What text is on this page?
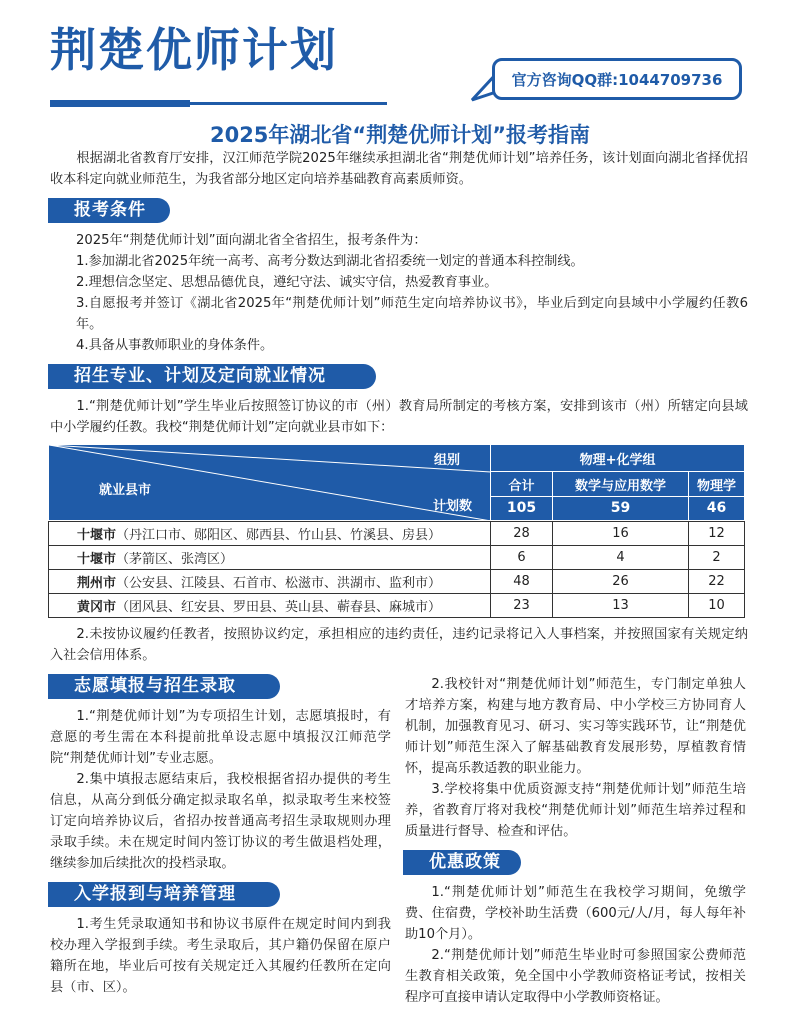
荆楚优师计划
官方咨询QQ群:1044709736
2025年湖北省“荆楚优师计划”报考指南
根据湖北省教育厅安排，汉江师范学院2025年继续承担湖北省“荆楚优师计划”培养任务，该计划面向湖北省择优招收本科定向就业师范生，为我省部分地区定向培养基础教育高素质师资。
报考条件
2025年“荆楚优师计划”面向湖北省全省招生，报考条件为：
1.参加湖北省2025年统一高考、高考分数达到湖北省招委统一划定的普通本科控制线。
2.理想信念坚定、思想品德优良，遵纪守法、诚实守信，热爱教育事业。
3.自愿报考并签订《湖北省2025年“荆楚优师计划”师范生定向培养协议书》，毕业后到定向县域中小学履约任教6年。
4.具备从事教师职业的身体条件。
招生专业、计划及定向就业情况
1.“荆楚优师计划”学生毕业后按照签订协议的市（州）教育局所制定的考核方案，安排到该市（州）所辖定向县域中小学履约任教。我校“荆楚优师计划”定向就业县市如下：
组别
计划数
就业县市	物理+化学组		
	合计	数学与应用数学	物理学
	105	59	46
十堰市（丹江口市、郧阳区、郧西县、竹山县、竹溪县、房县）	28	16	12
十堰市（茅箭区、张湾区）	6	4	2
荆州市（公安县、江陵县、石首市、松滋市、洪湖市、监利市）	48	26	22
黄冈市（团风县、红安县、罗田县、英山县、蕲春县、麻城市）	23	13	10
2.未按协议履约任教者，按照协议约定，承担相应的违约责任，违约记录将记入人事档案，并按照国家有关规定纳入社会信用体系。
志愿填报与招生录取
1.“荆楚优师计划”为专项招生计划，志愿填报时，有意愿的考生需在本科提前批单设志愿中填报汉江师范学院“荆楚优师计划”专业志愿。
2.集中填报志愿结束后，我校根据省招办提供的考生信息，从高分到低分确定拟录取名单，拟录取考生来校签订定向培养协议后，省招办按普通高考招生录取规则办理录取手续。未在规定时间内签订协议的考生做退档处理，继续参加后续批次的投档录取。
入学报到与培养管理
1.考生凭录取通知书和协议书原件在规定时间内到我校办理入学报到手续。考生录取后，其户籍仍保留在原户籍所在地，毕业后可按有关规定迁入其履约任教所在定向县（市、区）。
2.我校针对“荆楚优师计划”师范生，专门制定单独人才培养方案，构建与地方教育局、中小学校三方协同育人机制，加强教育见习、研习、实习等实践环节，让“荆楚优师计划”师范生深入了解基础教育发展形势，厚植教育情怀，提高乐教适教的职业能力。
3.学校将集中优质资源支持“荆楚优师计划”师范生培养，省教育厅将对我校“荆楚优师计划”师范生培养过程和质量进行督导、检查和评估。
优惠政策
1.“荆楚优师计划”师范生在我校学习期间，免缴学费、住宿费，学校补助生活费（600元/人/月，每人每年补助10个月）。
2.“荆楚优师计划”师范生毕业时可参照国家公费师范生教育相关政策，免全国中小学教师资格证考试，按相关程序可直接申请认定取得中小学教师资格证。
